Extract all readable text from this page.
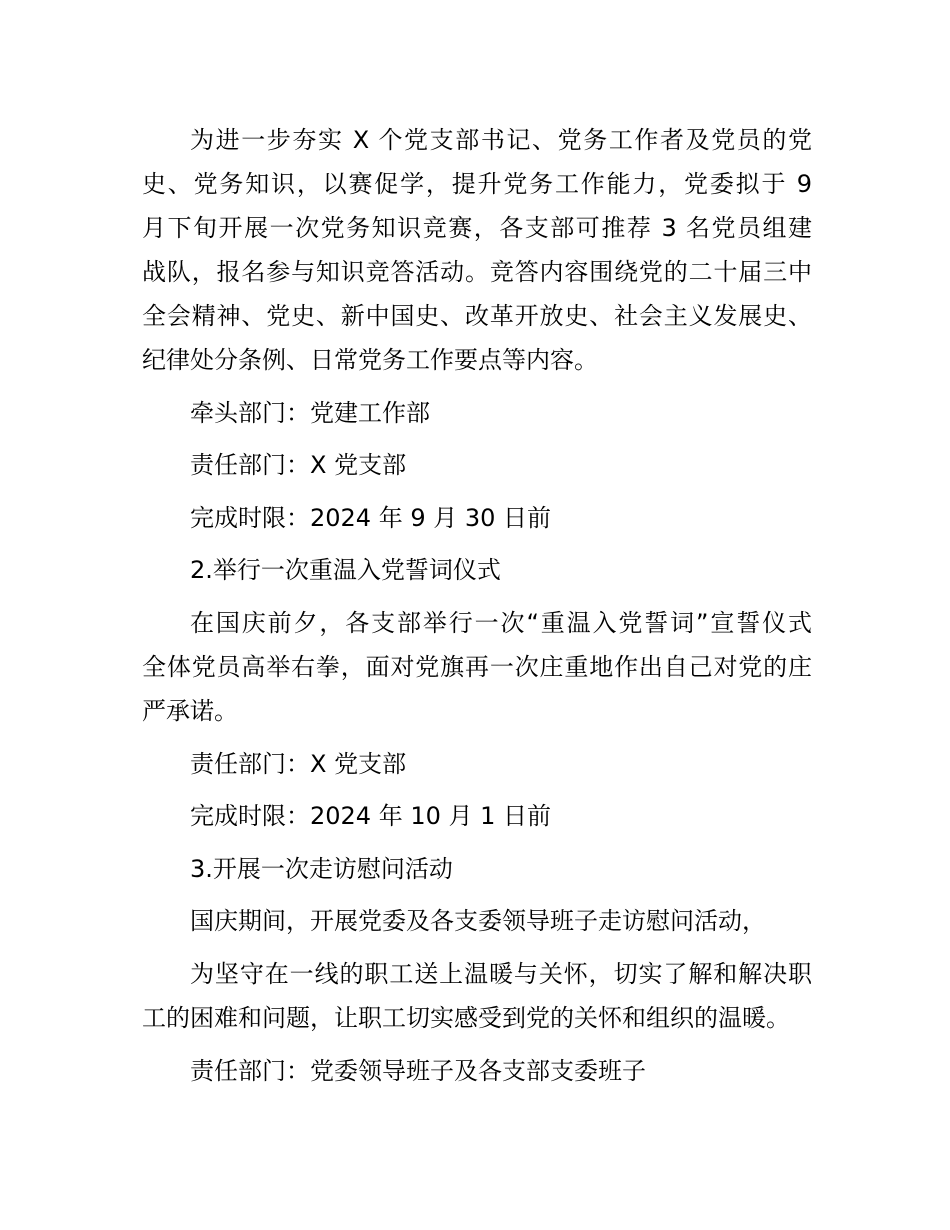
为进一步夯实 X 个党支部书记、党务工作者及党员的党
史、党务知识，以赛促学，提升党务工作能力，党委拟于 9
月下旬开展一次党务知识竞赛，各支部可推荐 3 名党员组建
战队，报名参与知识竞答活动。竞答内容围绕党的二十届三中
全会精神、党史、新中国史、改革开放史、社会主义发展史、
纪律处分条例、日常党务工作要点等内容。
牵头部门：党建工作部
责任部门：X 党支部
完成时限：2024 年 9 月 30 日前
2.举行一次重温入党誓词仪式
在国庆前夕，各支部举行一次“重温入党誓词”宣誓仪式
全体党员高举右拳，面对党旗再一次庄重地作出自己对党的庄
严承诺。
责任部门：X 党支部
完成时限：2024 年 10 月 1 日前
3.开展一次走访慰问活动
国庆期间，开展党委及各支委领导班子走访慰问活动，
为坚守在一线的职工送上温暖与关怀，切实了解和解决职
工的困难和问题，让职工切实感受到党的关怀和组织的温暖。
责任部门：党委领导班子及各支部支委班子
